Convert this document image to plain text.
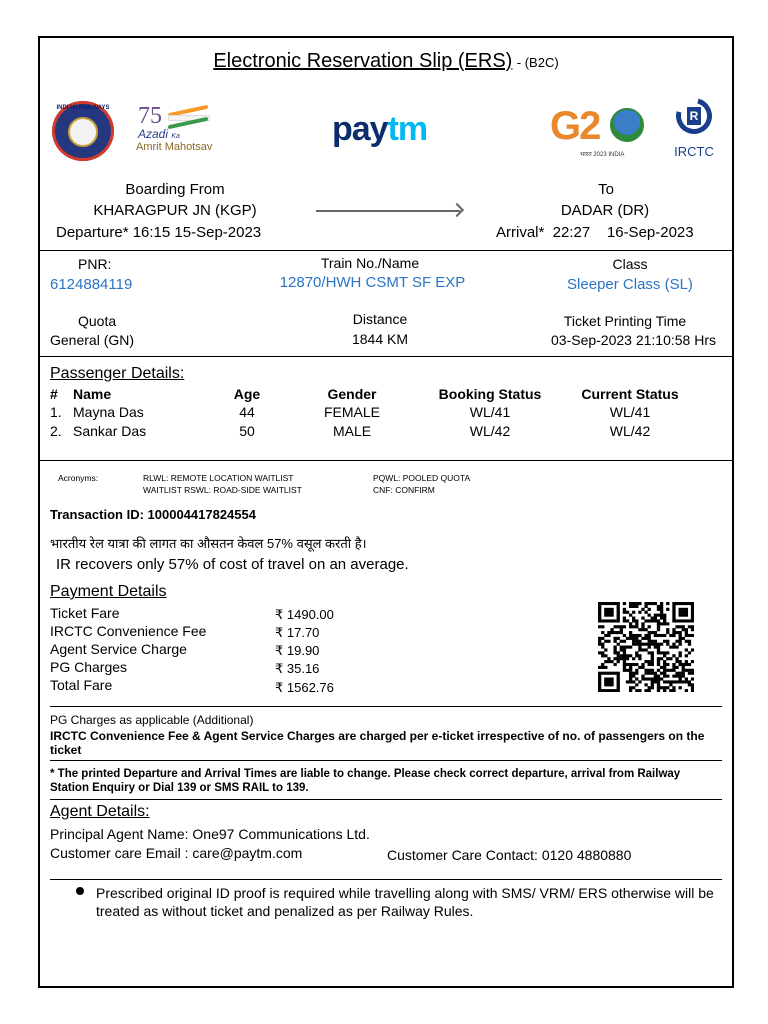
Electronic Reservation Slip (ERS) - (B2C)
INDIAN RAILWAYS 75
Azadi Ka
Amrit Mahotsav	paytm	G2
भारत 2023 INDIA
R
IRCTC
Boarding From
KHARAGPUR JN (KGP)
Departure* 16:15 15-Sep-2023
To
DADAR (DR)
Arrival*  22:27    16-Sep-2023
PNR:
6124884119
Train No./Name
12870/HWH CSMT SF EXP
Class
Sleeper Class (SL)
Quota
General (GN)
Distance
1844 KM
Ticket Printing Time
03-Sep-2023 21:10:58 Hrs
Passenger Details:
# Name	Age	Gender	Booking Status	Current Status
1. Mayna Das	44	FEMALE	WL/41	WL/41
2. Sankar Das	50	MALE	WL/42	WL/42
Acronyms:	RLWL: REMOTE LOCATION WAITLIST
WAITLIST RSWL: ROAD-SIDE WAITLIST
PQWL: POOLED QUOTA
CNF: CONFIRM
Transaction ID: 100004417824554
भारतीय रेल यात्रा की लागत का औसतन केवल 57% वसूल करती है।
IR recovers only 57% of cost of travel on an average.
Payment Details
Ticket Fare	₹ 1490.00
IRCTC Convenience Fee	₹ 17.70
Agent Service Charge	₹ 19.90
PG Charges	₹ 35.16
Total Fare	₹ 1562.76
PG Charges as applicable (Additional)
IRCTC Convenience Fee & Agent Service Charges are charged per e-ticket irrespective of no. of passengers on the ticket
* The printed Departure and Arrival Times are liable to change. Please check correct departure, arrival from Railway Station Enquiry or Dial 139 or SMS RAIL to 139.
Agent Details:
Principal Agent Name: One97 Communications Ltd.
Customer care Email : care@paytm.com	Customer Care Contact: 0120 4880880
Prescribed original ID proof is required while travelling along with SMS/ VRM/ ERS otherwise will be treated as without ticket and penalized as per Railway Rules.
